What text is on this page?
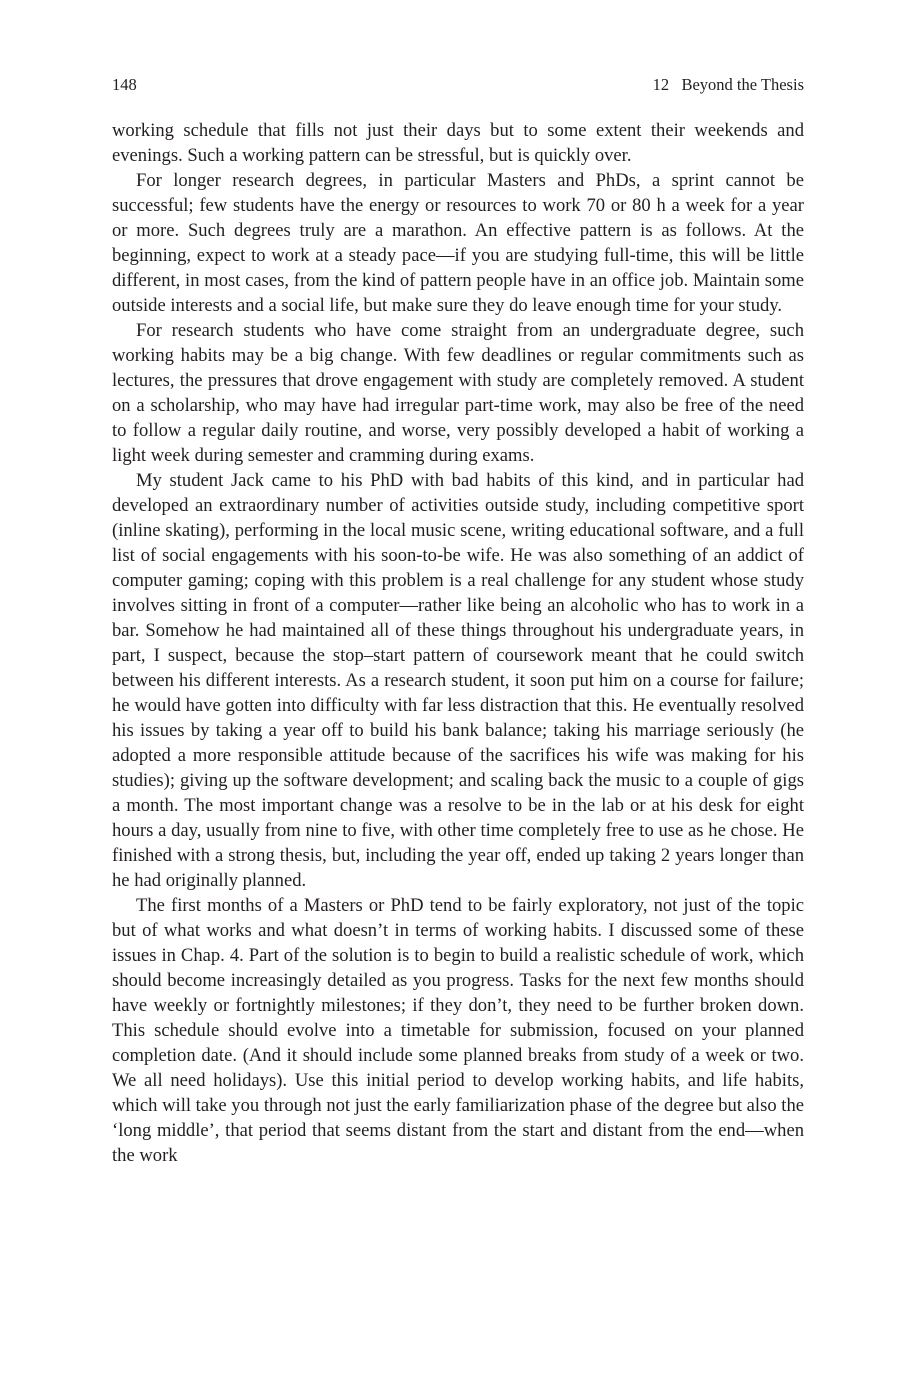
148	12   Beyond the Thesis

working schedule that fills not just their days but to some extent their weekends and evenings. Such a working pattern can be stressful, but is quickly over.

For longer research degrees, in particular Masters and PhDs, a sprint cannot be successful; few students have the energy or resources to work 70 or 80 h a week for a year or more. Such degrees truly are a marathon. An effective pattern is as follows. At the beginning, expect to work at a steady pace—if you are studying full-time, this will be little different, in most cases, from the kind of pattern people have in an office job. Maintain some outside interests and a social life, but make sure they do leave enough time for your study.

For research students who have come straight from an undergraduate degree, such working habits may be a big change. With few deadlines or regular commitments such as lectures, the pressures that drove engagement with study are completely removed. A student on a scholarship, who may have had irregular part-time work, may also be free of the need to follow a regular daily routine, and worse, very possibly developed a habit of working a light week during semester and cramming during exams.

My student Jack came to his PhD with bad habits of this kind, and in particular had developed an extraordinary number of activities outside study, including competitive sport (inline skating), performing in the local music scene, writing educational software, and a full list of social engagements with his soon-to-be wife. He was also something of an addict of computer gaming; coping with this problem is a real challenge for any student whose study involves sitting in front of a computer—rather like being an alcoholic who has to work in a bar. Somehow he had maintained all of these things throughout his undergraduate years, in part, I suspect, because the stop–start pattern of coursework meant that he could switch between his different interests. As a research student, it soon put him on a course for failure; he would have gotten into difficulty with far less distraction that this. He eventually resolved his issues by taking a year off to build his bank balance; taking his marriage seriously (he adopted a more responsible attitude because of the sacrifices his wife was making for his studies); giving up the software development; and scaling back the music to a couple of gigs a month. The most important change was a resolve to be in the lab or at his desk for eight hours a day, usually from nine to five, with other time completely free to use as he chose. He finished with a strong thesis, but, including the year off, ended up taking 2 years longer than he had originally planned.

The first months of a Masters or PhD tend to be fairly exploratory, not just of the topic but of what works and what doesn’t in terms of working habits. I discussed some of these issues in Chap. 4. Part of the solution is to begin to build a realistic schedule of work, which should become increasingly detailed as you progress. Tasks for the next few months should have weekly or fortnightly milestones; if they don’t, they need to be further broken down. This schedule should evolve into a timetable for submission, focused on your planned completion date. (And it should include some planned breaks from study of a week or two. We all need holidays). Use this initial period to develop working habits, and life habits, which will take you through not just the early familiarization phase of the degree but also the ‘long middle’, that period that seems distant from the start and distant from the end—when the work
